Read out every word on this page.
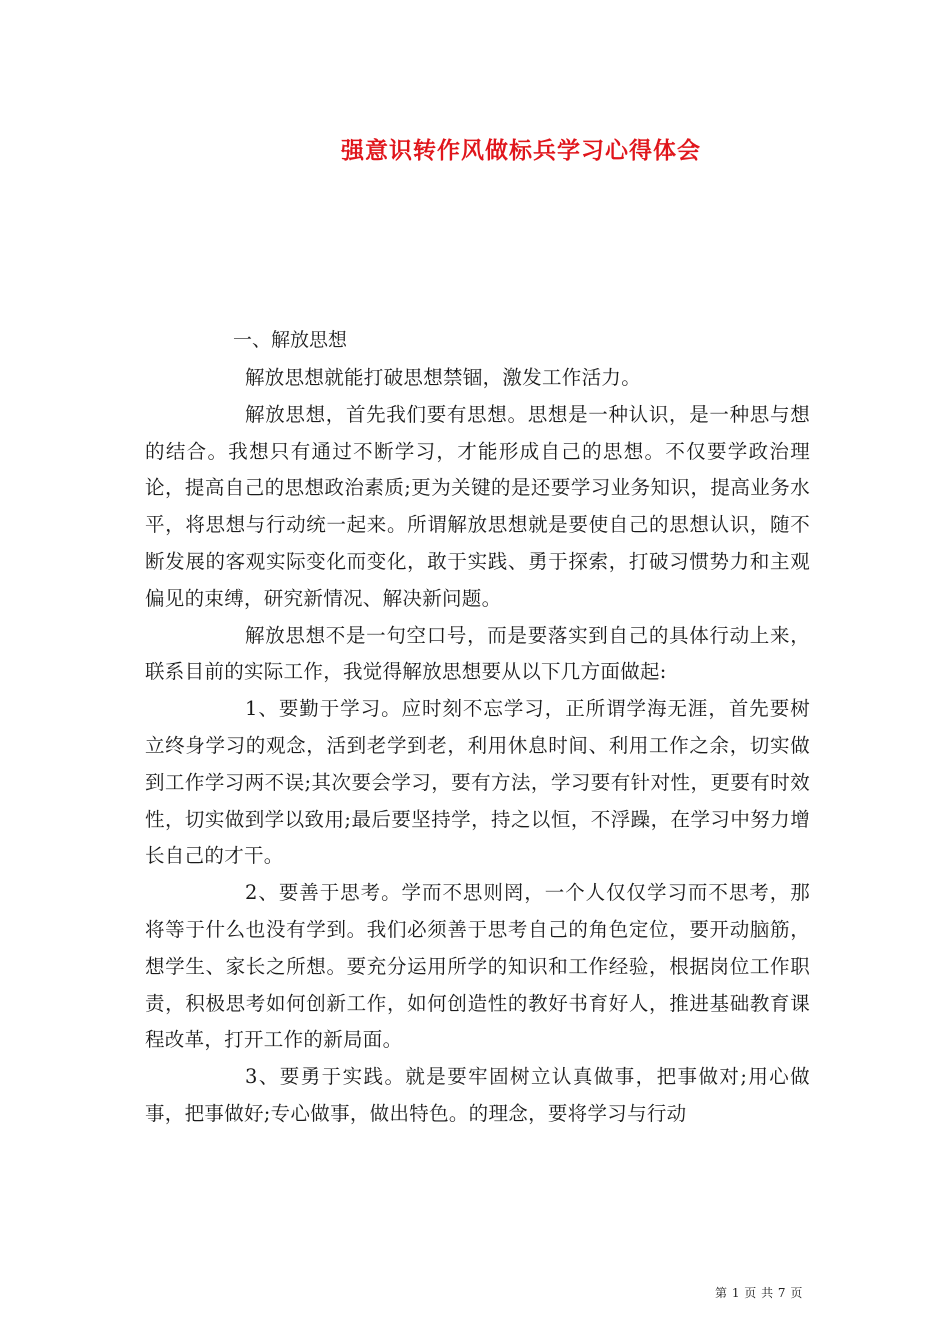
强意识转作风做标兵学习心得体会
一、解放思想

解放思想就能打破思想禁锢，激发工作活力。

解放思想，首先我们要有思想。思想是一种认识，是一种思与想的结合。我想只有通过不断学习，才能形成自己的思想。不仅要学政治理论，提高自己的思想政治素质;更为关键的是还要学习业务知识，提高业务水平，将思想与行动统一起来。所谓解放思想就是要使自己的思想认识，随不断发展的客观实际变化而变化，敢于实践、勇于探索，打破习惯势力和主观偏见的束缚，研究新情况、解决新问题。

解放思想不是一句空口号，而是要落实到自己的具体行动上来，联系目前的实际工作，我觉得解放思想要从以下几方面做起:

1、要勤于学习。应时刻不忘学习，正所谓学海无涯，首先要树立终身学习的观念，活到老学到老，利用休息时间、利用工作之余，切实做到工作学习两不误;其次要会学习，要有方法，学习要有针对性，更要有时效性，切实做到学以致用;最后要坚持学，持之以恒，不浮躁，在学习中努力增长自己的才干。

2、要善于思考。学而不思则罔，一个人仅仅学习而不思考，那将等于什么也没有学到。我们必须善于思考自己的角色定位，要开动脑筋，想学生、家长之所想。要充分运用所学的知识和工作经验，根据岗位工作职责，积极思考如何创新工作，如何创造性的教好书育好人，推进基础教育课程改革，打开工作的新局面。

3、要勇于实践。就是要牢固树立认真做事，把事做对;用心做事，把事做好;专心做事，做出特色。的理念，要将学习与行动

第 1 页 共 7 页
